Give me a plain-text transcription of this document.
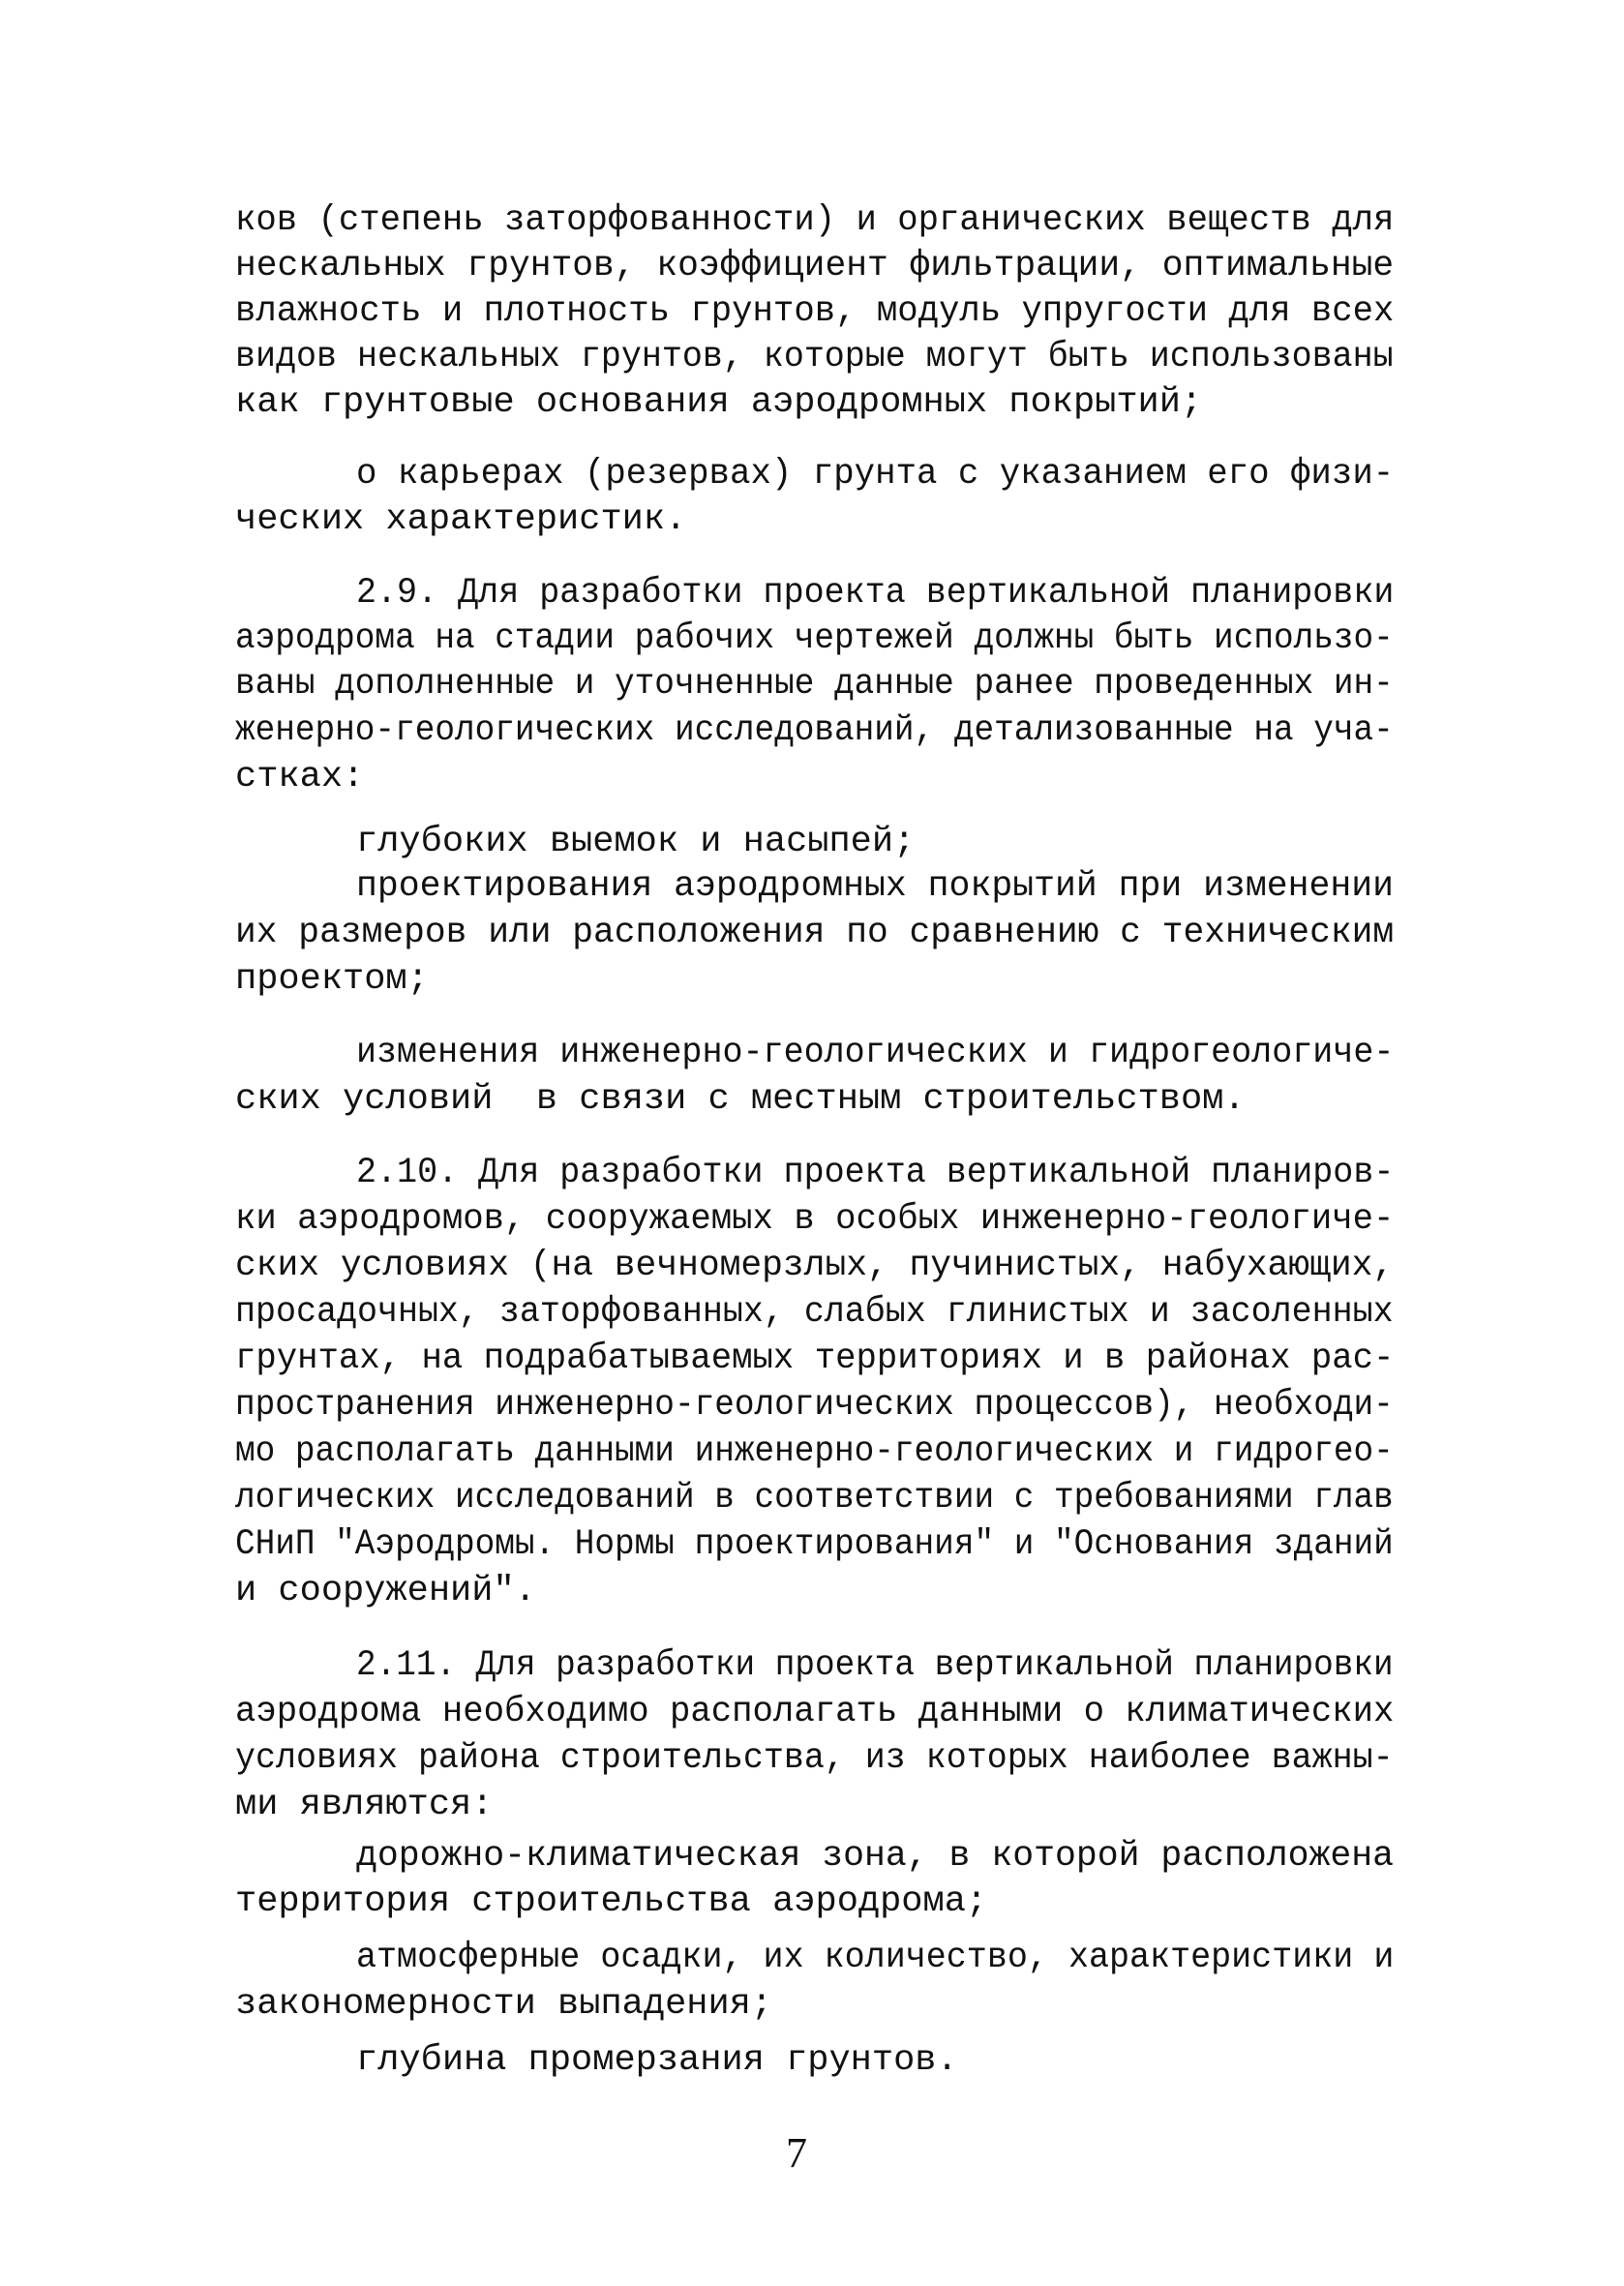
ков (степень заторфованности) и органических веществ для
нескальных грунтов, коэффициент фильтрации, оптимальные
влажность и плотность грунтов, модуль упругости для всех
видов нескальных грунтов, которые могут быть использованы
как грунтовые основания аэродромных покрытий;
о карьерах (резервах) грунта с указанием его физи-
ческих характеристик.
2.9. Для разработки проекта вертикальной планировки
аэродрома на стадии рабочих чертежей должны быть использо-
ваны дополненные и уточненные данные ранее проведенных ин-
женерно-геологических исследований, детализованные на уча-
стках:
глубоких выемок и насыпей;
проектирования аэродромных покрытий при изменении
их размеров или расположения по сравнению с техническим
проектом;
изменения инженерно-геологических и гидрогеологиче-
ских условий  в связи с местным строительством.
2.10. Для разработки проекта вертикальной планиров-
ки аэродромов, сооружаемых в особых инженерно-геологиче-
ских условиях (на вечномерзлых, пучинистых, набухающих,
просадочных, заторфованных, слабых глинистых и засоленных
грунтах, на подрабатываемых территориях и в районах рас-
пространения инженерно-геологических процессов), необходи-
мо располагать данными инженерно-геологических и гидрогео-
логических исследований в соответствии с требованиями глав
СНиП "Аэродромы. Нормы проектирования" и "Основания зданий
и сооружений".
2.11. Для разработки проекта вертикальной планировки
аэродрома необходимо располагать данными о климатических
условиях района строительства, из которых наиболее важны-
ми являются:
дорожно-климатическая зона, в которой расположена
территория строительства аэродрома;
атмосферные осадки, их количество, характеристики и
закономерности выпадения;
глубина промерзания грунтов.
7
